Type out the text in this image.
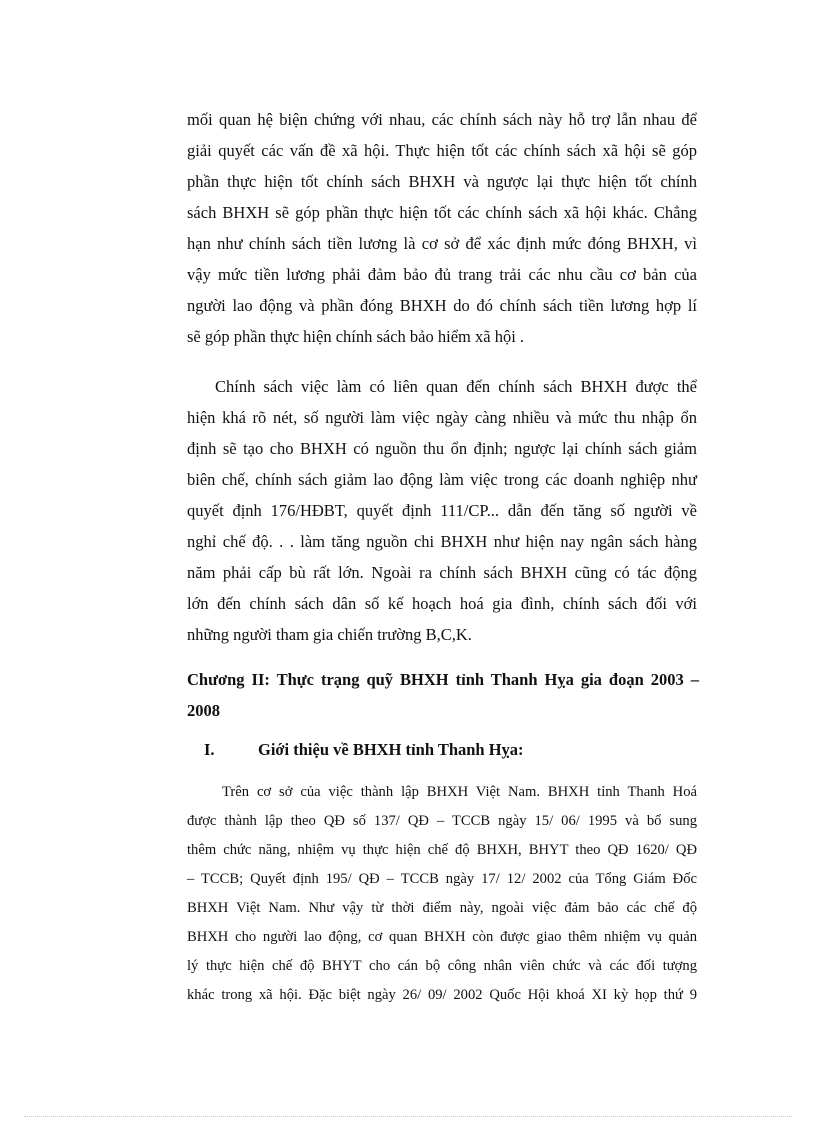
mối quan hệ biện chứng với nhau, các chính sách này hỗ trợ lẫn nhau để
giải quyết các vấn đề xã hội. Thực hiện tốt các chính sách xã hội sẽ góp
phần thực hiện tốt chính sách BHXH và ngược lại thực hiện tốt chính
sách BHXH sẽ góp phần thực hiện tốt các chính sách xã hội khác. Chẳng
hạn như chính sách tiền lương là cơ sở để xác định mức đóng BHXH, vì
vậy mức tiền lương phải đảm bảo đủ trang trải các nhu cầu cơ bản của
người lao động và phần đóng BHXH do đó chính sách tiền lương hợp lí
sẽ góp phần thực hiện chính sách bảo hiểm xã hội .
Chính sách việc làm có liên quan đến chính sách BHXH được thể
hiện khá rõ nét, số người làm việc ngày càng nhiều và mức thu nhập ổn
định sẽ tạo cho BHXH có nguồn thu ổn định; ngược lại chính sách giảm
biên chế, chính sách giảm lao động làm việc trong các doanh nghiệp như
quyết định 176/HĐBT, quyết định 111/CP... dẫn đến tăng số người về
nghỉ chế độ. . . làm tăng nguồn chi BHXH như hiện nay ngân sách hàng
năm phải cấp bù rất lớn. Ngoài ra chính sách BHXH cũng có tác động
lớn đến chính sách dân số kế hoạch hoá gia đình, chính sách đối với
những người tham gia chiến trường B,C,K.
Chương II: Thực trạng quỹ BHXH tỉnh Thanh Hỵa gia đoạn 2003 –
2008
I.	Giới thiệu về BHXH tỉnh Thanh Hỵa:
Trên cơ sở của việc thành lập BHXH Việt Nam. BHXH tỉnh Thanh Hoá
được thành lập theo QĐ số 137/ QĐ – TCCB ngày 15/ 06/ 1995 và bổ sung
thêm chức năng, nhiệm vụ thực hiện chế độ BHXH, BHYT theo QĐ 1620/ QĐ
– TCCB; Quyết định 195/ QĐ – TCCB ngày 17/ 12/ 2002 của Tổng Giám Đốc
BHXH Việt Nam. Như vậy từ thời điểm này, ngoài việc đảm bảo các chế độ
BHXH cho người lao động, cơ quan BHXH còn được giao thêm nhiệm vụ quản
lý thực hiện chế độ BHYT cho cán bộ công nhân viên chức và các đối tượng
khác trong xã hội. Đặc biệt ngày 26/ 09/ 2002 Quốc Hội khoá XI kỳ họp thứ 9
